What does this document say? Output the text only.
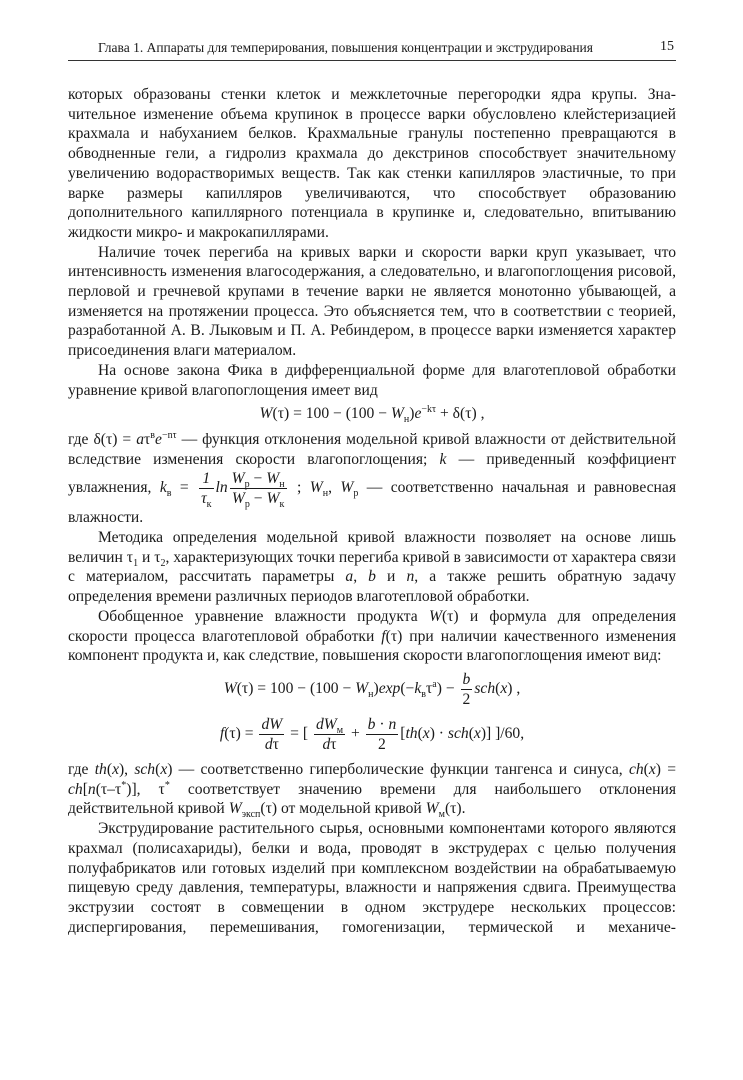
Глава 1. Аппараты для темперирования, повышения концентрации и экструдирования	15
которых образованы стенки клеток и межклеточные перегородки ядра крупы. Значительное изменение объема крупинок в процессе варки обусловлено клейстеризацией крахмала и набуханием белков. Крахмальные гранулы постепенно превращаются в обводненные гели, а гидролиз крахмала до декстринов способствует значительному увеличению водорастворимых веществ. Так как стенки капилляров эластичные, то при варке размеры капилляров увеличиваются, что способствует образованию дополнительного капиллярного потенциала в крупинке и, следовательно, впитыванию жидкости микро- и макрокапиллярами.
Наличие точек перегиба на кривых варки и скорости варки круп указывает, что интенсивность изменения влагосодержания, а следовательно, и влагопоглощения рисовой, перловой и гречневой крупами в течение варки не является монотонно убывающей, а изменяется на протяжении процесса. Это объясняется тем, что в соответствии с теорией, разработанной А. В. Лыковым и П. А. Ребиндером, в процессе варки изменяется характер присоединения влаги материалом.
На основе закона Фика в дифференциальной форме для влаготепловой обработки уравнение кривой влагопоглощения имеет вид
$W(\tau) = 100 - (100 - W_н)e^{-k\tau} + \delta(\tau)$ ,
где $\delta(\tau) = a\tau^вe^{-n\tau}$ — функция отклонения модельной кривой влажности от действительной вследствие изменения скорости влагопоглощения; k — приведенный коэффициент увлажнения, $k_в = \frac{1}{\tau_к}$ $\ln \frac{W_p - W_н}{W_p - W_к}$ ; $W_н$, $W_р$ — соответственно начальная и равновесная влажности.
Методика определения модельной кривой влажности позволяет на основе лишь величин $\tau_1$ и $\tau_2$, характеризующих точки перегиба кривой в зависимости от характера связи с материалом, рассчитать параметры a, b и n, а также решить обратную задачу определения времени различных периодов влаготепловой обработки.
Обобщенное уравнение влажности продукта W(τ) и формула для определения скорости процесса влаготепловой обработки f(τ) при наличии качественного изменения компонент продукта и, как следствие, повышения скорости влагопоглощения имеют вид:
$W(\tau) = 100 - (100 - W_н)\exp(-k_в\tau^a) - \frac{b}{2} sch(x)$ ,
$f(\tau) = \frac{dW}{d\tau}$ = [ $\frac{dW_м}{d\tau} + \frac{b \cdot n}{2} [th(x) \cdot sch(x)]$ ]/60,
где th(x), sch(x) — соответственно гиперболические функции тангенса и синуса, ch(x) = ch[n(τ–τ*)], τ* соответствует значению времени для наибольшего отклонения действительной кривой $W_{эксп}(\tau)$ от модельной кривой $W_м(\tau)$.
Экструдирование растительного сырья, основными компонентами которого являются крахмал (полисахариды), белки и вода, проводят в экструдерах с целью получения полуфабрикатов или готовых изделий при комплексном воздействии на обрабатываемую пищевую среду давления, температуры, влажности и напряжения сдвига. Преимущества экструзии состоят в совмещении в одном экструдере нескольких процессов: диспергирования, перемешивания, гомогенизации, термической и механиче-
